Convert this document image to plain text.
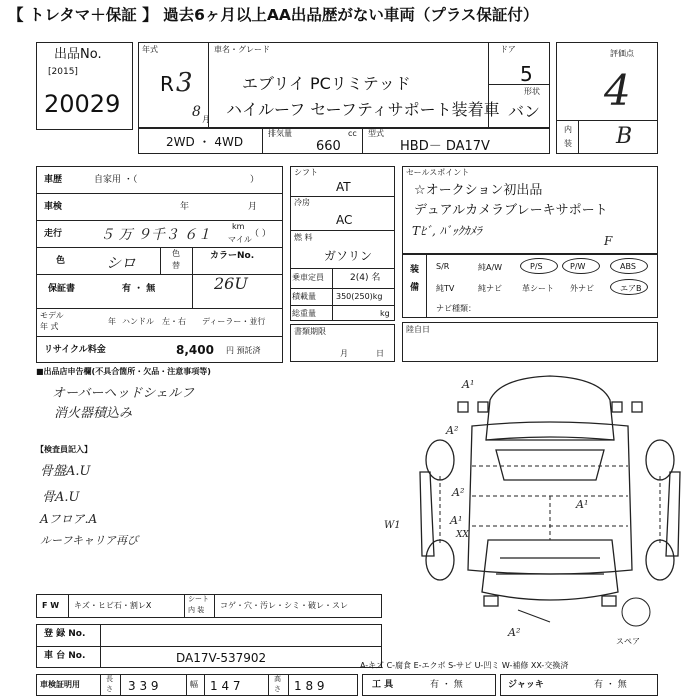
【 トレタマ＋保証 】 過去6ヶ月以上AA出品歴がない車両（プラス保証付）
出品No.
[2015]
20029
年式
R 3
8 月
車名・グレード
エブリイ PCリミテッド
ハイルーフ セーフティサポート装着車
ドア
5
形状
バン
評価点
4
内
装 B
2WD ・ 4WD
排気量	cc
660
型式
HBD－ DA17V
車歴	自家用 ・（	）
車検	年	月
走行	５ 万 ９千３ ６１
km
マイル
（ ）
色	シロ
色
替
カラーNo.
26U
保証書	有 ・ 無
モデル
年 式
年 ハンドル　左・右 ディーラー・並行
リサイクル料金	8,400 円 預託済
シフト
AT
冷房
AC
燃 料
ガソリン
乗車定員	2(4) 名
積載量	350(250)kg
総重量	kg
書類期限
月	日
セールスポイント
☆オークション初出品
デュアルカメラブレーキサポート
Tﾋﾞ, ﾊﾞｯｸｶﾒﾗ
F
装
備
S/R	純A/W	P/S	P/W	ABS
純TV	純ナビ	革シート 外ナビ	エアB
ナビ種類：
陸自日
■出品店申告欄(不具合箇所・欠品・注意事項等)
オーバーヘッドシェルフ
消火器積込み
【検査員記入】
骨盤A.U
骨A.U
Aフロア.A
ルーフキャリア再び
A¹
A²
A²
A¹
A¹
XX
A²
W1
スペア
F W キズ・ヒビ石・割レX
シート
内 装 コゲ・穴・汚レ・シミ・破レ・スレ
登 録 No.
車 台 No.	DA17V-537902
車検証明用
長
さ 3 3 9	幅 1 4 7	高
さ 1 8 9
A-キズ C-腐食 E-エクボ S-サビ U-凹ミ W-補修 XX-交換済
工 具	有 ・ 無	ジャッキ	有 ・ 無
